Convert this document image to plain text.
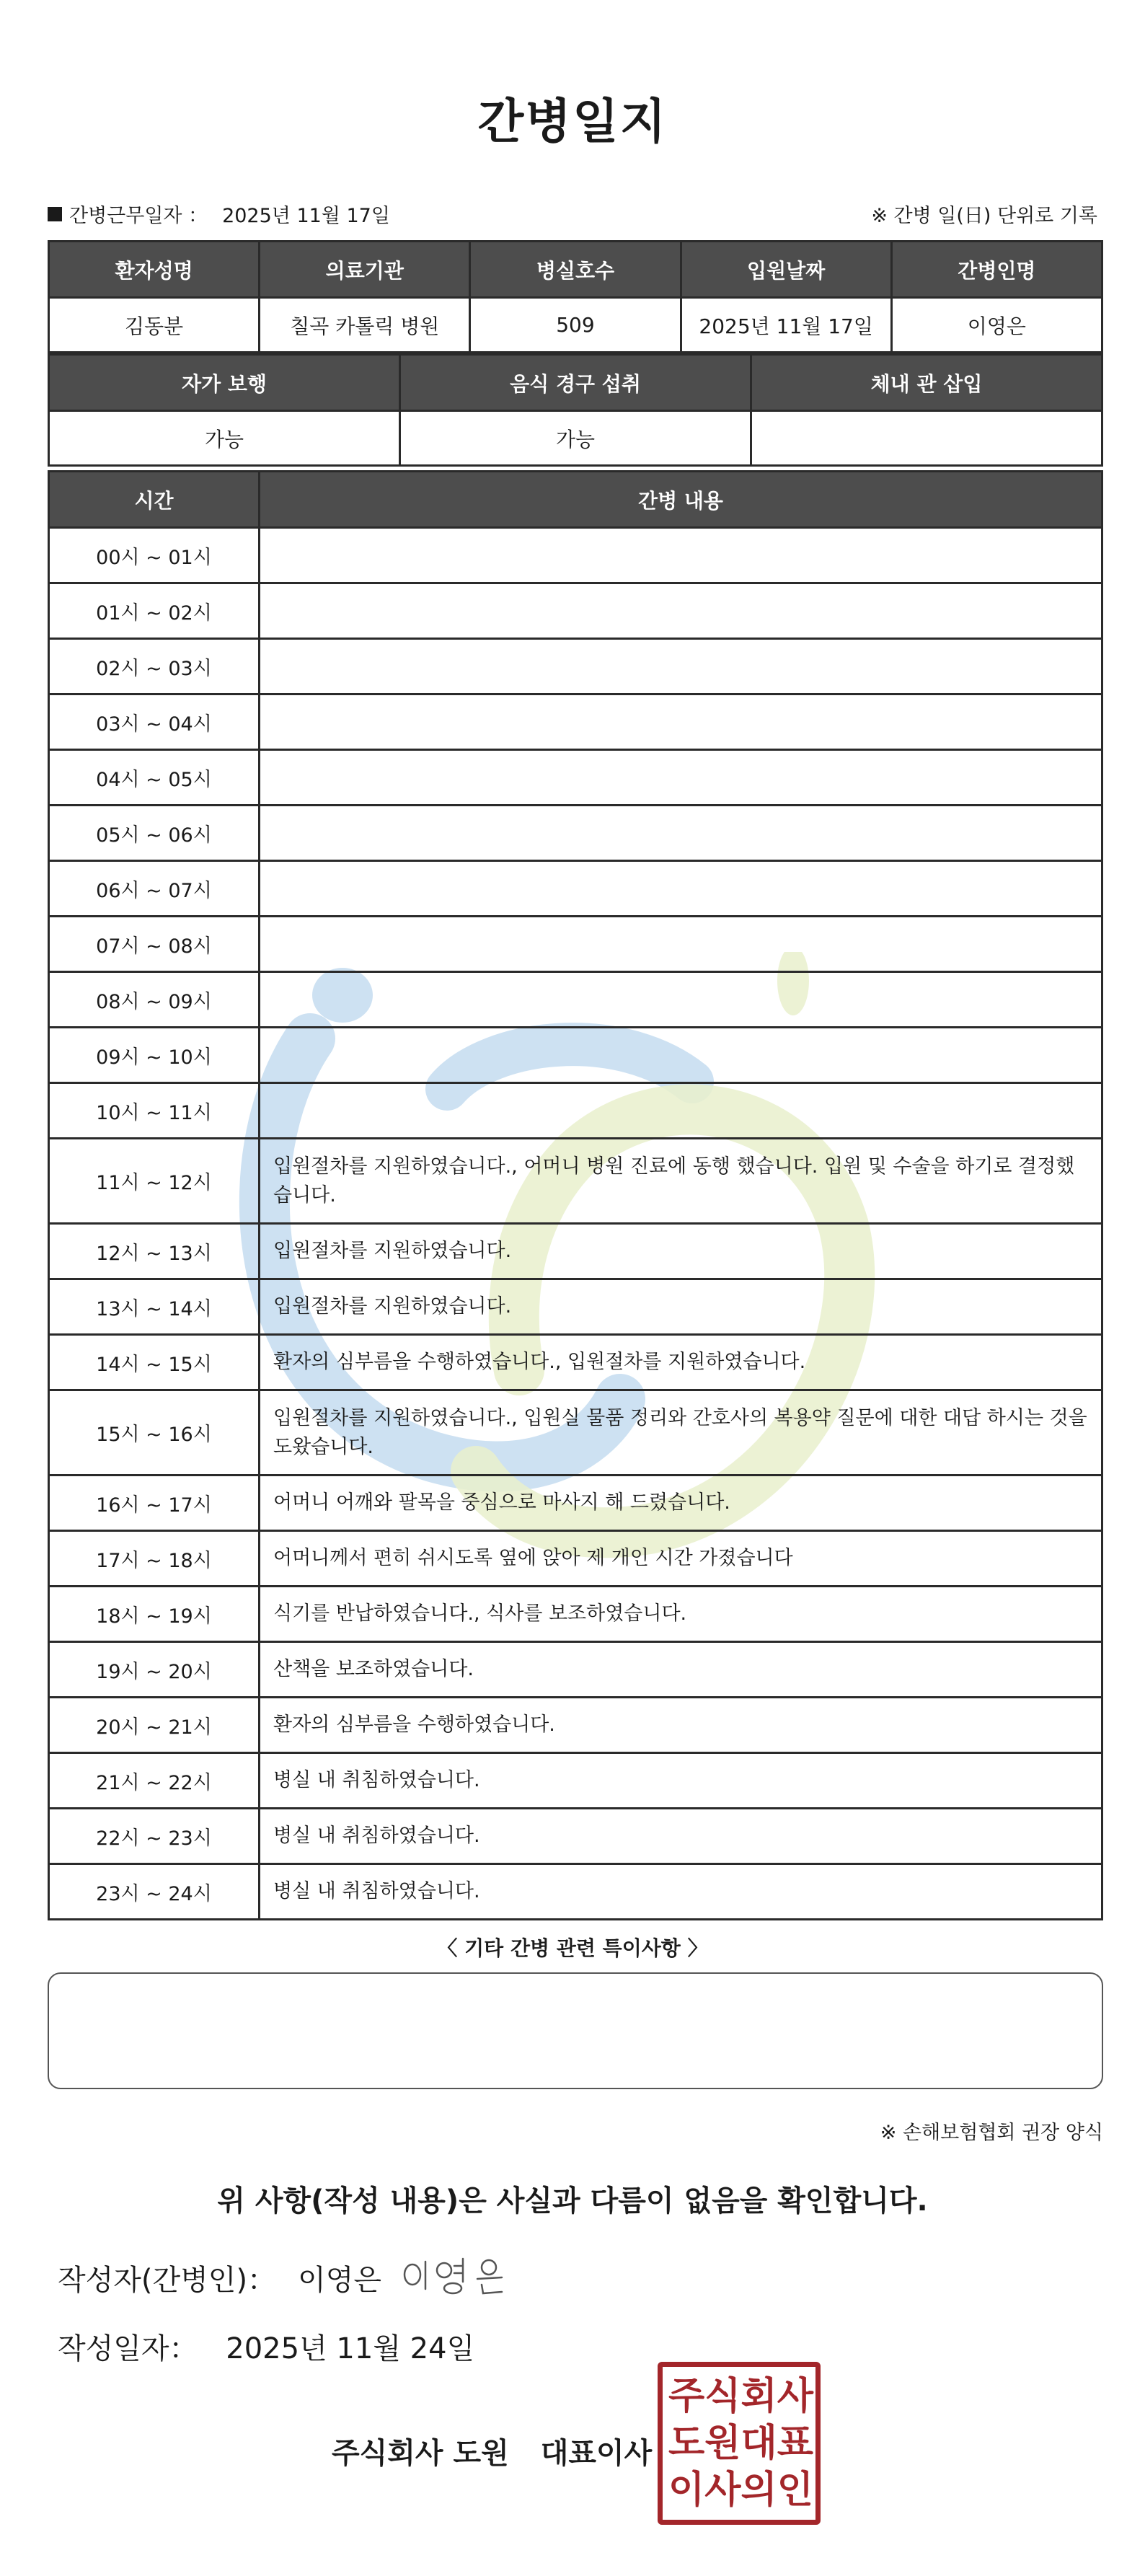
간병일지
간병근무일자 ： 2025년 11월 17일	※ 간병 일(日) 단위로 기록
환자성명	의료기관	병실호수	입원날짜	간병인명
김동분	칠곡 카톨릭 병원	509	2025년 11월 17일	이영은
자가 보행	음식 경구 섭취	체내 관 삽입
가능	가능	
시간	간병 내용
00시 ~ 01시	
01시 ~ 02시	
02시 ~ 03시	
03시 ~ 04시	
04시 ~ 05시	
05시 ~ 06시	
06시 ~ 07시	
07시 ~ 08시	
08시 ~ 09시	
09시 ~ 10시	
10시 ~ 11시	
11시 ~ 12시	입원절차를 지원하였습니다., 어머니 병원 진료에 동행 했습니다. 입원 및 수술을 하기로 결정했습니다.
12시 ~ 13시	입원절차를 지원하였습니다.
13시 ~ 14시	입원절차를 지원하였습니다.
14시 ~ 15시	환자의 심부름을 수행하였습니다., 입원절차를 지원하였습니다.
15시 ~ 16시	입원절차를 지원하였습니다., 입원실 물품 정리와 간호사의 복용약 질문에 대한 대답 하시는 것을 도왔습니다.
16시 ~ 17시	어머니 어깨와 팔목을 중심으로 마사지 해 드렸습니다.
17시 ~ 18시	어머니께서 편히 쉬시도록 옆에 앉아 제 개인 시간 가졌습니다
18시 ~ 19시	식기를 반납하였습니다., 식사를 보조하였습니다.
19시 ~ 20시	산책을 보조하였습니다.
20시 ~ 21시	환자의 심부름을 수행하였습니다.
21시 ~ 22시	병실 내 취침하였습니다.
22시 ~ 23시	병실 내 취침하였습니다.
23시 ~ 24시	병실 내 취침하였습니다.
〈 기타 간병 관련 특이사항 〉
※ 손해보험협회 권장 양식
위 사항(작성 내용)은 사실과 다름이 없음을 확인합니다.
작성자(간병인)： 이영은
작성일자： 2025년 11월 24일
주식회사 도원 대표이사
주 식 회 사
도 원 대 표
이 사 의 인
